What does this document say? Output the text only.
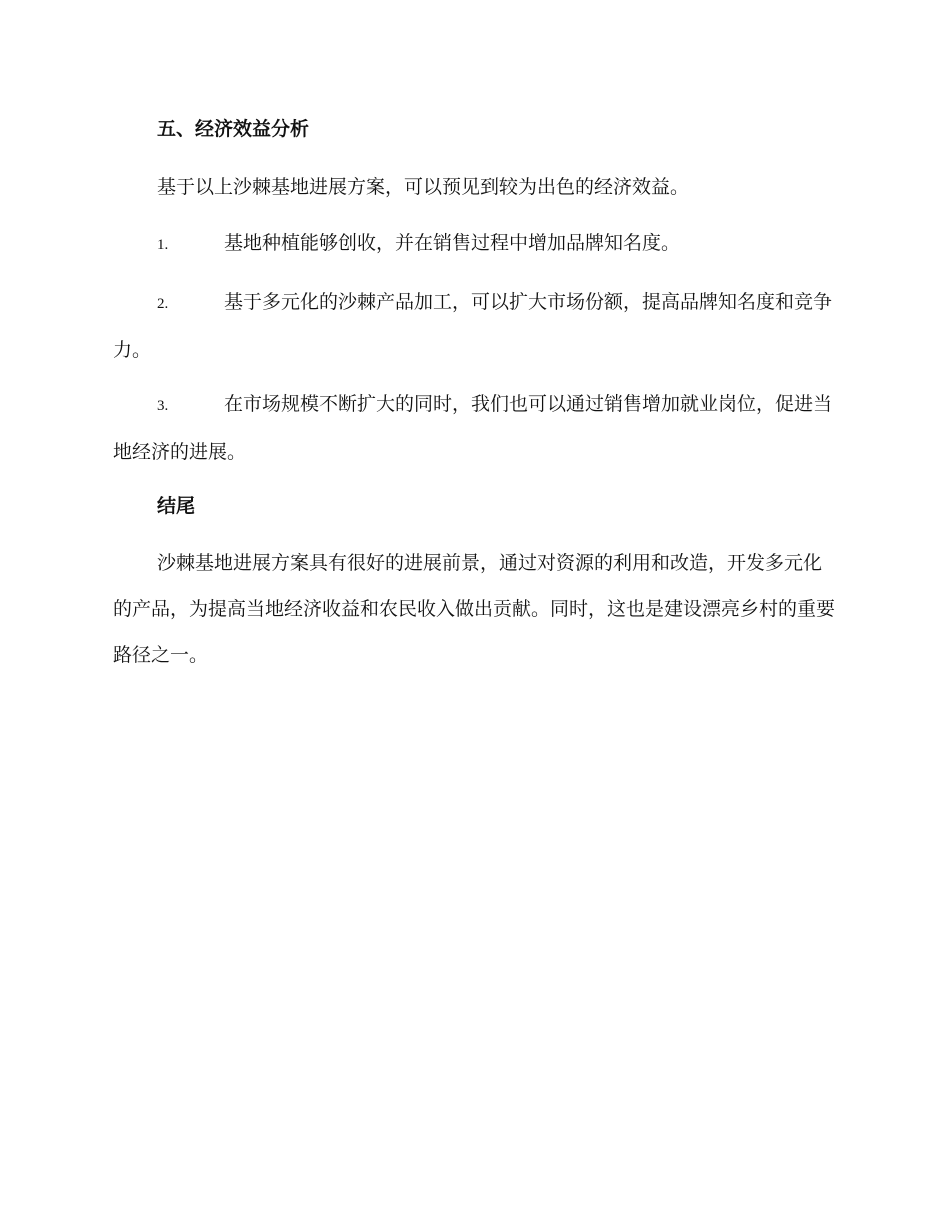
五、经济效益分析
基于以上沙棘基地进展方案，可以预见到较为出色的经济效益。
1.	基地种植能够创收，并在销售过程中增加品牌知名度。
2.	基于多元化的沙棘产品加工，可以扩大市场份额，提高品牌知名度和竞争力。
3.	在市场规模不断扩大的同时，我们也可以通过销售增加就业岗位，促进当地经济的进展。
结尾
沙棘基地进展方案具有很好的进展前景，通过对资源的利用和改造，开发多元化的产品，为提高当地经济收益和农民收入做出贡献。同时，这也是建设漂亮乡村的重要路径之一。
